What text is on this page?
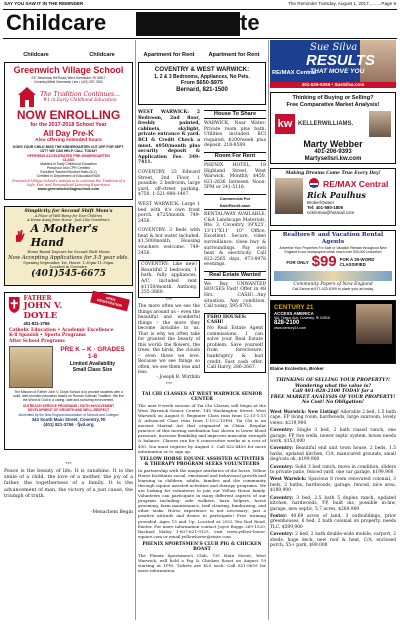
SAY YOU SAW IT IN THE REMINDER	The Reminder Tuesday, August 1, 2017..........Page 9
Childcare Real Estate
Childcare	Childcare	Apartment for Rent	Apartment for Rent
Greenwich Village School
237 Newbrook Hill Road, West Greenwich, RI 02817
Coventry/West Greenwich Line • (401) 397-7600
The Tradition Continues...
#1 in Early Childhood Education
NOW ENROLLING
for the 2017-2018 School Year
All Day Pre-K
Also offering extended hours
DOES YOUR CHILD MISS THE KINDERGARTEN CUT-OFF FOR SEPT. 1ST? WE CAN HELP. CALL TODAY!
OFFERING ACCELERATED PRE-KINDERGARTEN CLASS
Masters in Early Childhood Education
Preschool and CPR Certified
Excellent Teacher/Student Ratio (6-1)
Certified in Department of Education/RIDE
Greenwich Village School's mission is to continue the Tradition of a Safe, Fun, and Personalized Learning Experience
www.greenwichvillageschool.com
Simplicity for Second Shift Mom's
A Place of Well-Being for Your Children
A Home Away from Home · Just Like Grandma's
A Mother's Hand
Home Based Daycare for Second Shift Moms
Now Accepting Applications for 3-5 year olds.
Opening September 1st, Hours: 1:30pm-11:30pm
Located in Coventry
(401)545-6675
FATHER
JOHN V. DOYLE
401-821-3756
OPEN REGISTRATION
Catholic Education • Academic Excellence
K-8 Spanish • Sports Programs
After School Programs
PRE K – K · GRADES 1-8
Limited Availability
Small Class Size
The Mission of Father John V. Doyle School is to provide students with a solid, well-rounded education based on Roman Catholic Tradition. We live the Word of God in a caring, safe and nurturing environment.
OUTREACH SERVICE PROGRAMS • FAITH INVOLVEMENT DEVELOPMENT OF GROWTH AND WELL-RESPECT
Accredited by the New England Association of Schools and Colleges
343 South Main Street, Coventry, RI
(401) 821-3756 · fjvd.org
***
Peace is the beauty of life. It is sunshine. It is the smile of a child, the love of a mother, the joy of a father, the togetherness of a family. It is the advancement of man, the victory of a just cause, the triumph of truth.
-Menachem Begin
COVENTRY & WEST WARWICK:
1, 2 & 3 Bedrooms, Appliances, No Pets.
From $650-$975
Bernard, 821-1500
WEST WARWICK: 2 Bedroom, 2nd floor, freshly painted, cabinets, skylight, private entrance & yard. BCI & Credit Check a must. $950/month plus security deposit & Application Fee. 349-7411.
COVENTRY, 23 Edward Street, 2nd Floor, 1 possible, 2 bedroom, large yard, off-street parking. $750. 1-521-980-1407.
WEST WARWICK: Large 1 bed with it's own front porch. $725/month. 749-2456.
COVENTRY: 3 Beds with heat & hot water included. $1,500/month. Housing vouchers welcome. 749-2456.
COVENTRY: Like new! Beautiful 2 bedroom, 1 bath, fully appliances, A/C, included rent $1150/month. Anthony, 255-3860.
***
The more often we see the things around us – even the beautiful and wonderful things – the more they become invisible to us. That is why we often take for granted the beauty of this world: the flowers, the trees, the birds, the clouds – even those we love. Because we see things so often, we see them less and less.
- Joseph B. Wirthlin
***
House To Share
WARWICK, Near Water: Private room plus bath. Utilities included. BCI required. $200/week plus deposit. 218-8589.
Room For Rent
PHENIX HOTEL, 18 Highland Street, West Warwick. Monthly $450. 821-2636 between Noon-5PM or 241-5116.
Commercial For Sale/Rent/Lease
RENTAL/WAY AVAILABLE: C&A Landscape Materials, Rte. 3, Coventry, 39'X25'; 13'11"X11' 10" Office. Excellent. Secure, video surveillance, close hwy & surroundings. Pay own heat & electricity. Call 822-2565 days, 473-8978 evenings.
Real Estate Wanted
We Buy UNWANTED HOUSES Fast! Offer in 48 Hrs. CASH!...Any situation. Any condition. Call today, 595-8703.
FSBO HOUSES: CASH!
No Real Estate Agent commissions. I can solve your Real Estate problem. Save yourself from foreclosure, bankruptcy & bad credit. Fast cash offer. Call Harry, 286-2667.
TAI CHI CLASSES AT WEST WARWICK SENIOR CENTER
The next 6-week session of Tai Chi Classes will begin at the West Warwick Senior Center, 145 Washington Street, West Warwick on August 8. Beginner Class runs from 12:15-1:15 & Advanced Class runs from 1:15-2:15PM. Tai Chi is an ancient Martial Art that originated in China. Regular practice of this moving meditation has shown to lower blood pressure, increase flexibility and improves muscular strength & balance. Classes run for 6 consecutive weeks at a cost of $30. You must register by August 3. Call 822-4450 for more information or to sign up.
YELLOW HORSE EQUINE ASSISTED ACTIVITIES & THERAPY PROGRAM SEEKS VOLUNTEERS
In partnership with the unique attributes of the horse, Yellow Horse facilitates social, emotional and behavioral growth and learning in children, adults, families and the community through equine assisted activities and therapy programs. We are looking for volunteers to join our Yellow Horse family. Volunteers can participate in many different aspects of our program including: side walkers, barn helpers, horse grooming, farm maintenance, trail clearing, fundraising, and other tasks. Horse experience is not necessary; just a positive attitude and desire to participate! Free training provided. Ages 15 and Up. Located at 2552 Ten Rod Road, Exeter. For more information contact Joyce Boggs 269-1520, Rachael Maloy 1-607-621-9125, visit www.yellow-horse-equine.com or email yellowhorse@state.com
PHENIX SPORTSMEN'S CLUB PIG & CHICKEN ROAST
The Phenix Sportsmen's Club, 735 Main Street, West Warwick, will hold a Pig & Chicken Roast on August 19 starting at 1PM. Tickets are $25 each. Call 821-9659 for more information.
Sue Silva
RESULTS
THAT MOVE YOU
RE/MAX Central
401-529-9259 • SueSilva.com
Thinking of Buying or Selling?
Free Comparative Market Analysis!
kw KELLERWILLIAMS.
Marty Webber
401-206-9393
Martysellsri.kw.com
Making Dreams Come True Every Day!
RE/MAX Central
Rick Paulhus
Broker/Owner
Tel: 401-580-1806
rickremax@hotmail.com
Realtors® and Vacation Rental Agents
Advertise Your Properties For Sale or Vacation Rentals throughout New England in our newspapers which reach over 900,000 circulation
FOR ONLY $99 FOR A 25-WORD CLASSIFIED
Community Papers of New England
Call Zanna at 877-423-6399 to place your ad today.
CENTURY 21
ACCESS AMERICA
961 Tiogue Ave. Coventry, RI 02816
828-2100
www.century21.com
Elaine Eccleston, Broker
THINKING OF SELLING YOUR PROPERTY?!
Wondering what the value is?
Call 401-828-2100 TODAY for a
FREE MARKET ANALYSIS OF YOUR PROPERTY!
No Cost! No Obligation!
West Warwick: New Listing! Adorable 2 bed, 1.5 bath cape, FP living room, hardwoods, large sunroom, lovely views. $219,900
Coventry: Single 3 bed, 2 bath raised ranch, one garage, FP, two wells, newer septic system, house needs work, $153,000
Coventry: Beautiful end unit town house, 2 beds, 1.5 baths, updated kitchen, C/A, manicured grounds, small dog/cats ok, $199,900
Coventry: Solid 3 bed ranch, move in condition, sliders to private patio, fenced yard, one car garage, $199,900
West Warwick: Spacious 8 room renovated colonial, 3 beds, 2 baths, hardwoods, garage, fenced, nice area, $189,900
Coventry: 3 bed, 2.5 bath 5 duplex ranch, updated kitchen, hardwoods, FP, built ins, possible in-law, garage, new septic, 5.7 acres, $269,900
Foster: 40.69 acres of land, 3 outbuildings, prior greenhouses, 6 bed, 2 bath colonial on property, needs TLC, $599,900
Coventry: 2 bed, 2 bath double-wide mobile, carport, 2 sheds, huge deck, new roof & heat, C/A, enclosed porch, 55+ park, $89,000
